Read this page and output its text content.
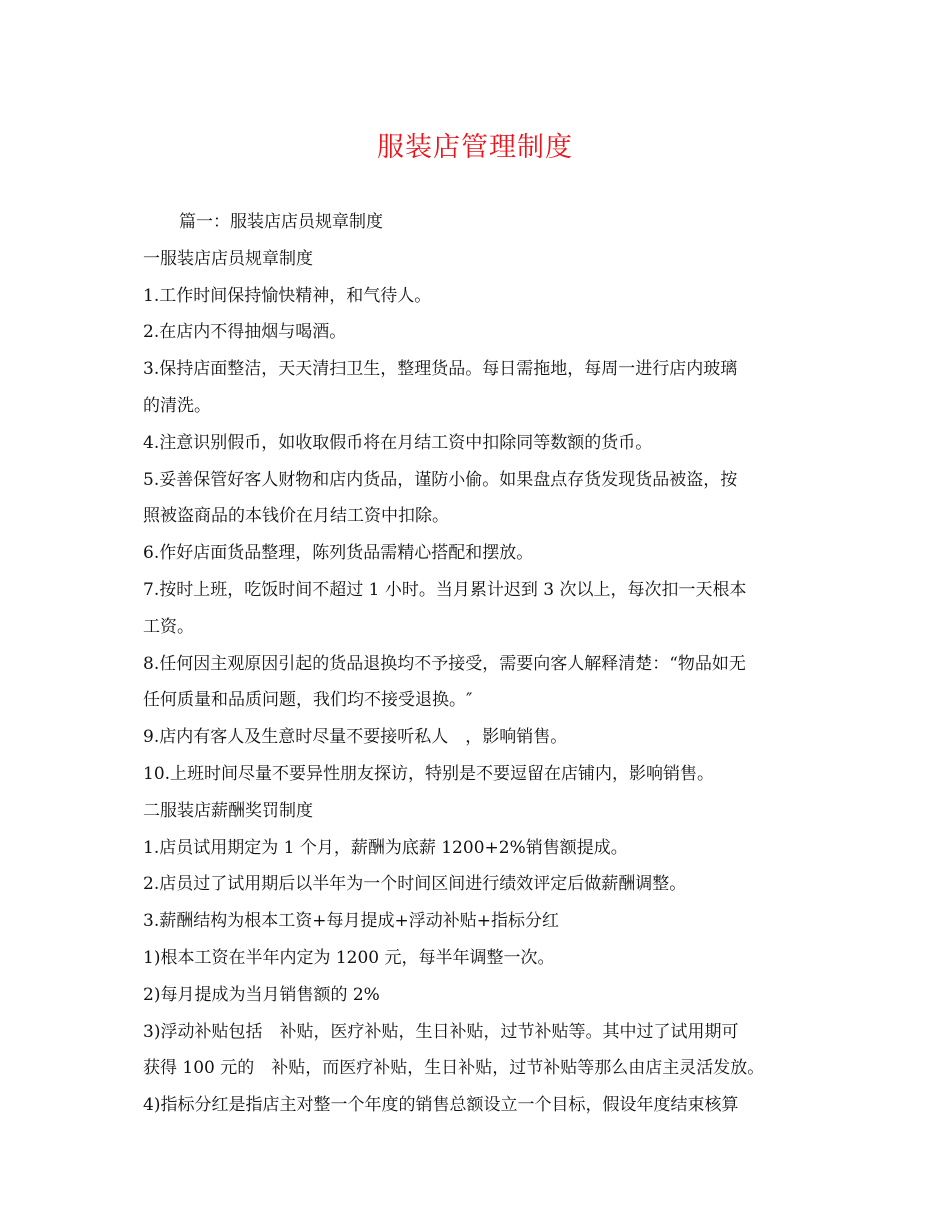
服装店管理制度

篇一：服装店店员规章制度

一服装店店员规章制度

1.工作时间保持愉快精神，和气待人。

2.在店内不得抽烟与喝酒。

3.保持店面整洁，天天清扫卫生，整理货品。每日需拖地，每周一进行店内玻璃

的清洗。

4.注意识别假币，如收取假币将在月结工资中扣除同等数额的货币。

5.妥善保管好客人财物和店内货品，谨防小偷。如果盘点存货发现货品被盗，按

照被盗商品的本钱价在月结工资中扣除。

6.作好店面货品整理，陈列货品需精心搭配和摆放。

7.按时上班，吃饭时间不超过 1 小时。当月累计迟到 3 次以上，每次扣一天根本

工资。

8.任何因主观原因引起的货品退换均不予接受，需要向客人解释清楚：“物品如无

任何质量和品质问题，我们均不接受退换。″

9.店内有客人及生意时尽量不要接听私人　，影响销售。

10.上班时间尽量不要异性朋友探访，特别是不要逗留在店铺内，影响销售。

二服装店薪酬奖罚制度

1.店员试用期定为 1 个月，薪酬为底薪 1200+2%销售额提成。

2.店员过了试用期后以半年为一个时间区间进行绩效评定后做薪酬调整。

3.薪酬结构为根本工资+每月提成+浮动补贴+指标分红

1)根本工资在半年内定为 1200 元，每半年调整一次。

2)每月提成为当月销售额的 2%

3)浮动补贴包括　补贴，医疗补贴，生日补贴，过节补贴等。其中过了试用期可

获得 100 元的　补贴，而医疗补贴，生日补贴，过节补贴等那么由店主灵活发放。

4)指标分红是指店主对整一个年度的销售总额设立一个目标，假设年度结束核算
